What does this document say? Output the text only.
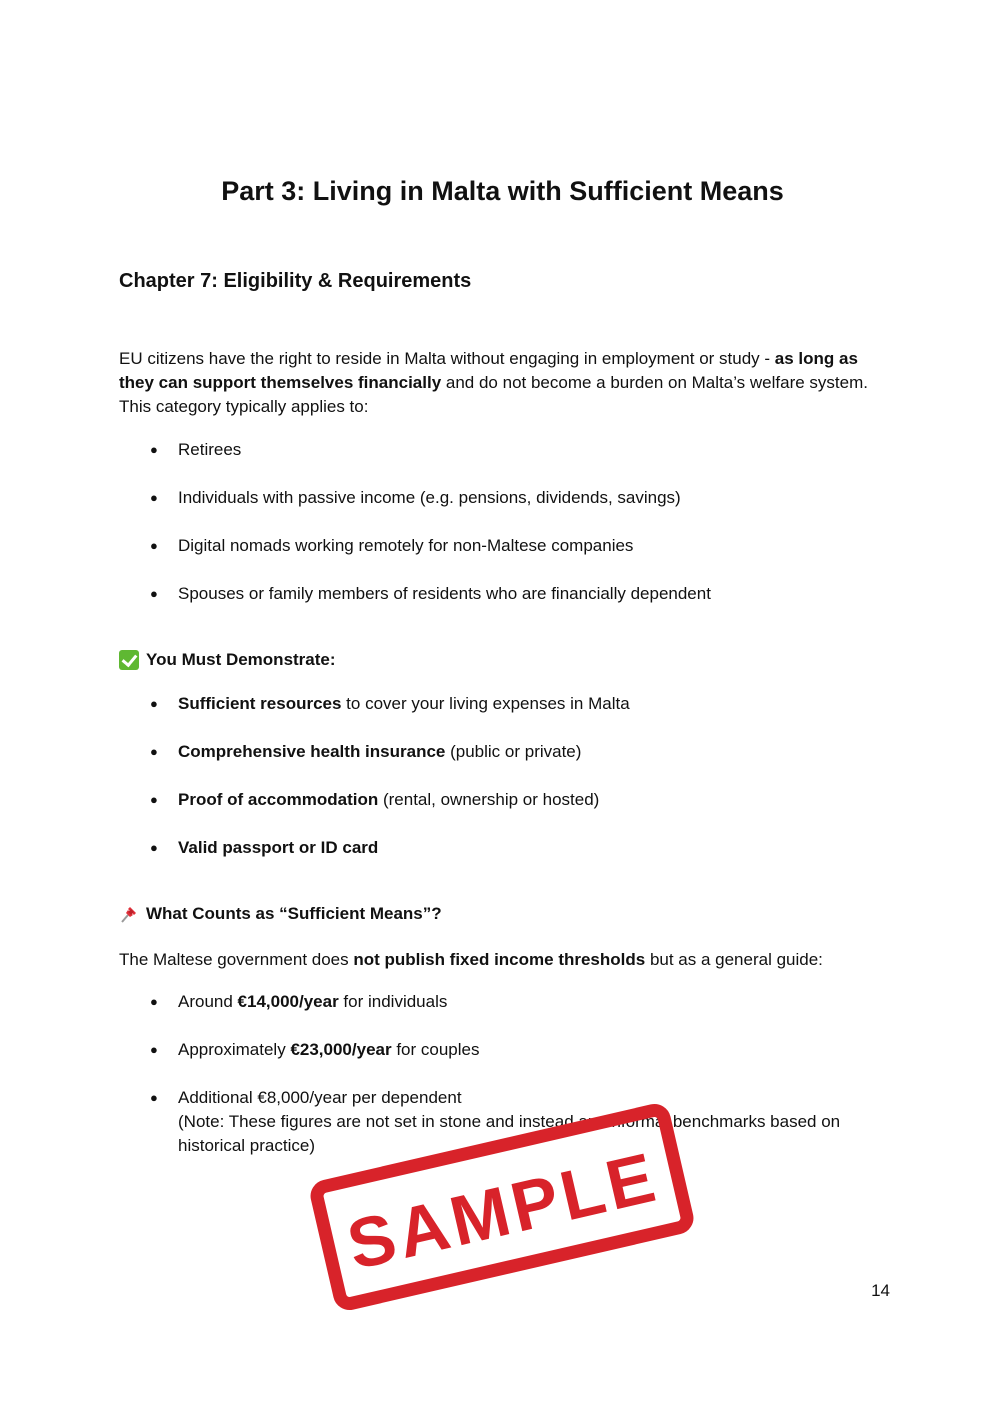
Part 3: Living in Malta with Sufficient Means
Chapter 7: Eligibility & Requirements

EU citizens have the right to reside in Malta without engaging in employment or study - as long as they can support themselves financially and do not become a burden on Malta’s welfare system. This category typically applies to:

● Retirees
● Individuals with passive income (e.g. pensions, dividends, savings)
● Digital nomads working remotely for non-Maltese companies
● Spouses or family members of residents who are financially dependent
You Must Demonstrate:
● Sufficient resources to cover your living expenses in Malta
● Comprehensive health insurance (public or private)
● Proof of accommodation (rental, ownership or hosted)
● Valid passport or ID card
What Counts as “Sufficient Means”?

The Maltese government does not publish fixed income thresholds but as a general guide:

● Around €14,000/year for individuals
● Approximately €23,000/year for couples
● Additional €8,000/year per dependent
(Note: These figures are not set in stone and instead are informal benchmarks based on historical practice) SAMPLE
14
